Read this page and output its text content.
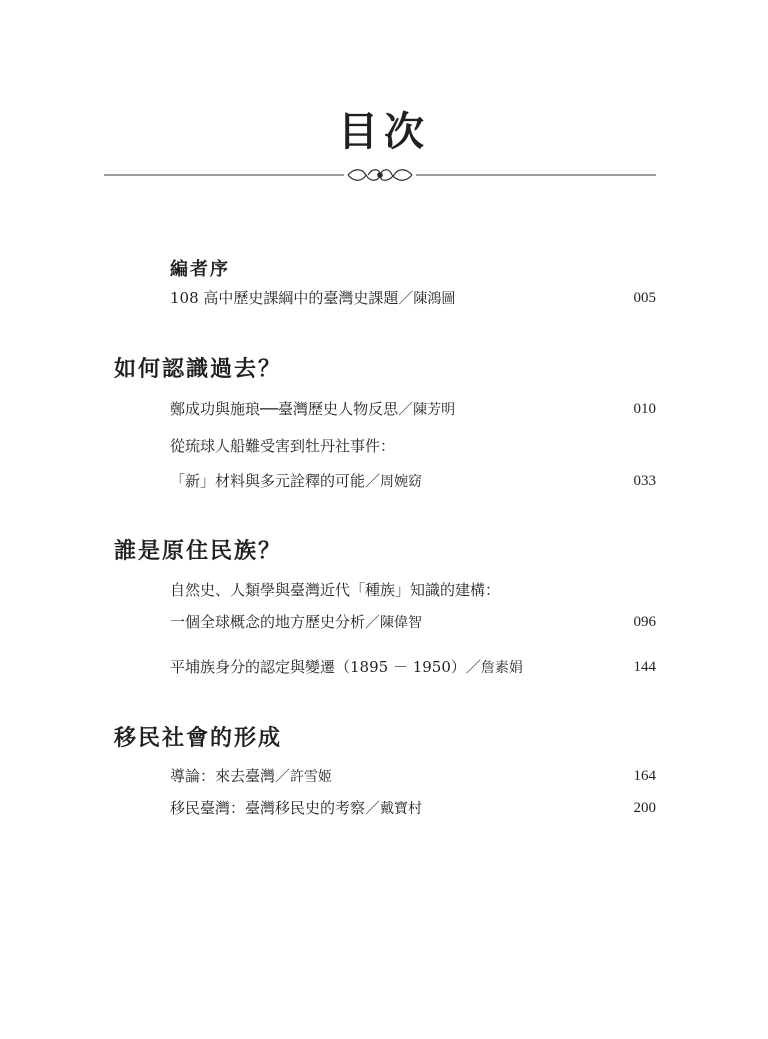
目次
編者序
108 高中歷史課綱中的臺灣史課題／陳鴻圖	005
如何認識過去？
鄭成功與施琅──臺灣歷史人物反思／陳芳明	010
從琉球人船難受害到牡丹社事件：
「新」材料與多元詮釋的可能／周婉窈	033
誰是原住民族？
自然史、人類學與臺灣近代「種族」知識的建構：
一個全球概念的地方歷史分析／陳偉智	096
平埔族身分的認定與變遷（1895 － 1950）／詹素娟	144
移民社會的形成
導論：來去臺灣／許雪姬	164
移民臺灣：臺灣移民史的考察／戴寶村	200
